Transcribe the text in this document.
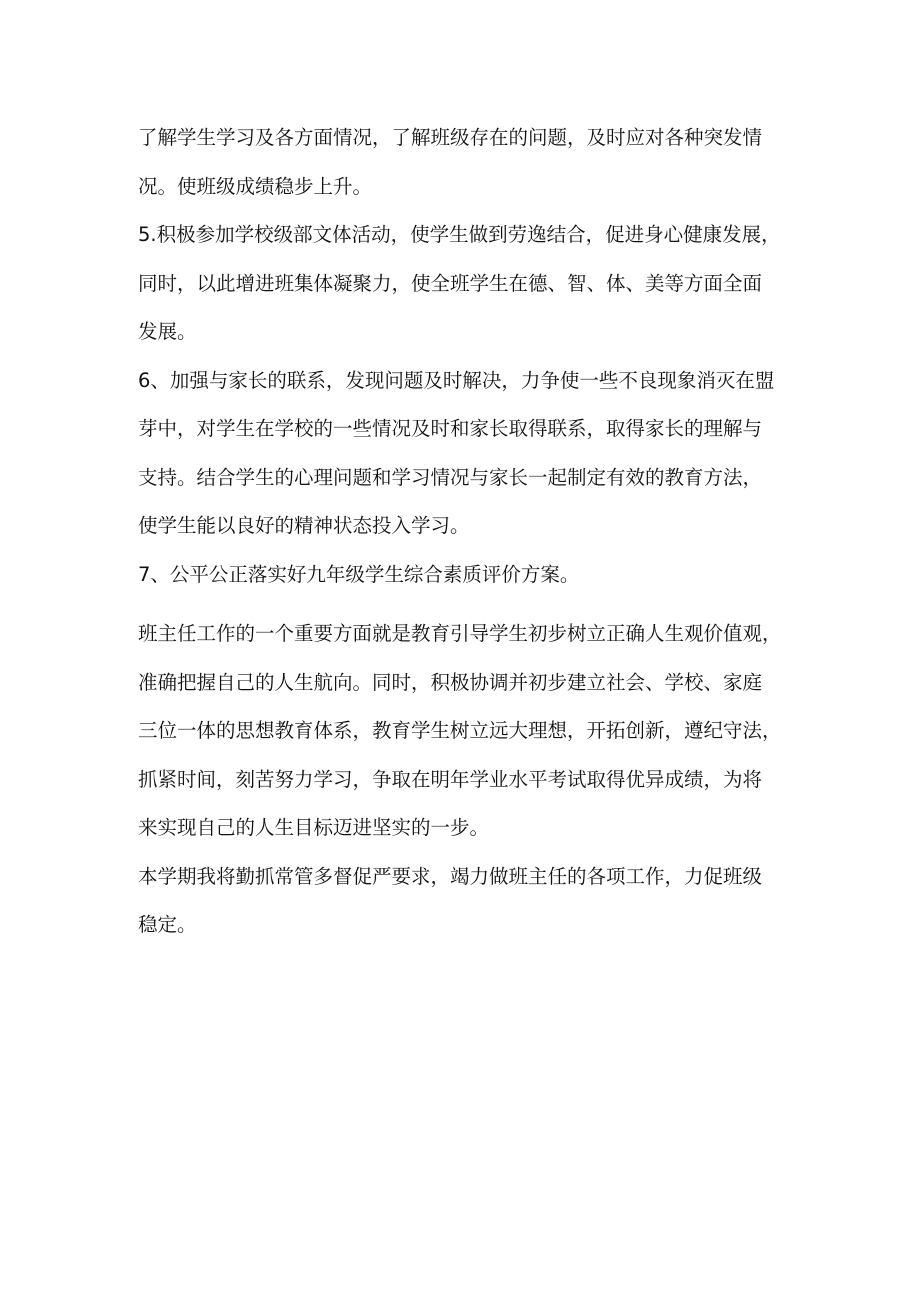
了解学生学习及各方面情况，了解班级存在的问题，及时应对各种突发情
况。使班级成绩稳步上升。

5.积极参加学校级部文体活动，使学生做到劳逸结合，促进身心健康发展，
同时，以此增进班集体凝聚力，使全班学生在德、智、体、美等方面全面
发展。

6、加强与家长的联系，发现问题及时解决，力争使一些不良现象消灭在盟
芽中，对学生在学校的一些情况及时和家长取得联系，取得家长的理解与
支持。结合学生的心理问题和学习情况与家长一起制定有效的教育方法，
使学生能以良好的精神状态投入学习。

7、公平公正落实好九年级学生综合素质评价方案。

班主任工作的一个重要方面就是教育引导学生初步树立正确人生观价值观，
准确把握自己的人生航向。同时，积极协调并初步建立社会、学校、家庭
三位一体的思想教育体系，教育学生树立远大理想，开拓创新，遵纪守法，
抓紧时间，刻苦努力学习，争取在明年学业水平考试取得优异成绩，为将
来实现自己的人生目标迈进坚实的一步。

本学期我将勤抓常管多督促严要求，竭力做班主任的各项工作，力促班级
稳定。
